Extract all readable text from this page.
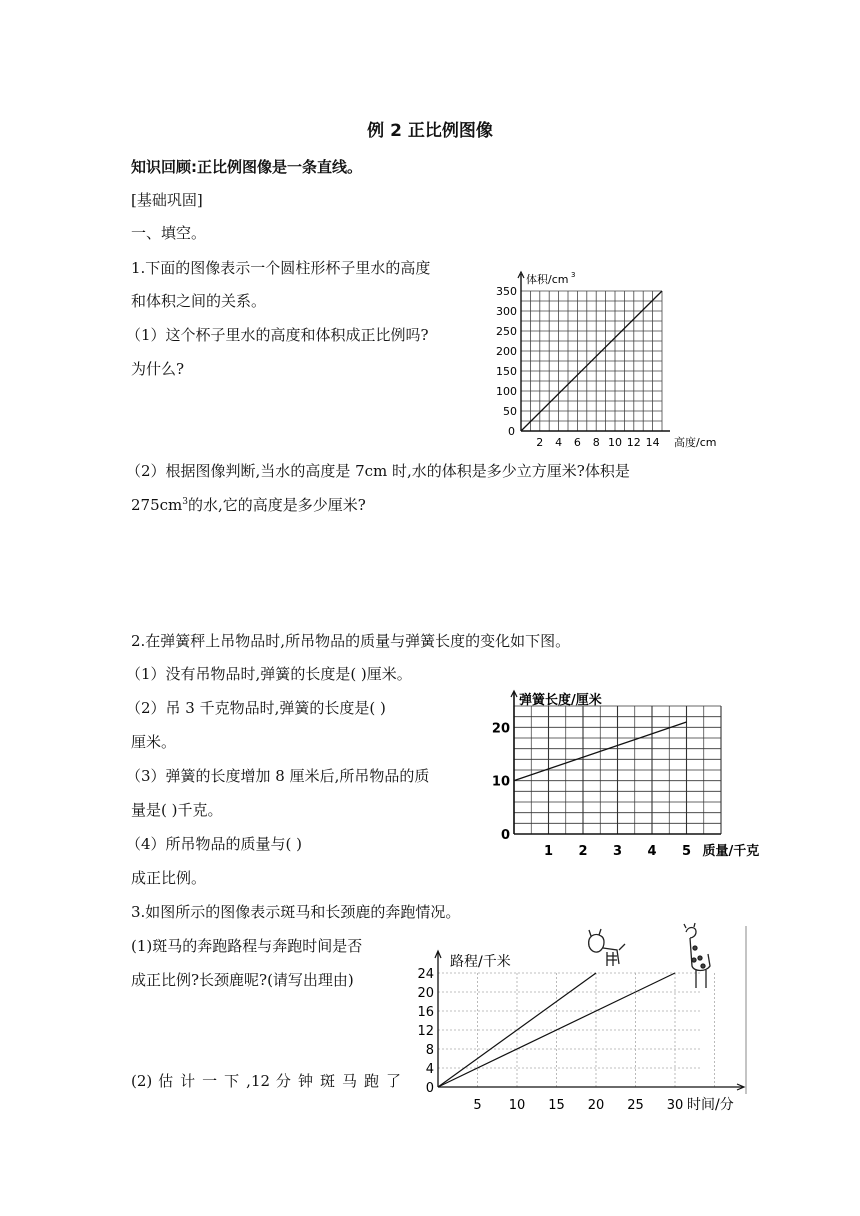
例 2 正比例图像
知识回顾:正比例图像是一条直线。
[基础巩固]
一、填空。
1.下面的图像表示一个圆柱形杯子里水的高度
和体积之间的关系。
（1）这个杯子里水的高度和体积成正比例吗?
为什么?
50
100
150
200
250
300
350
2 4 6 8 10 12 14
0
体积/cm 3
高度/cm
（2）根据图像判断,当水的高度是 7cm 时,水的体积是多少立方厘米?体积是
$275cm^3$的水,它的高度是多少厘米?
2.在弹簧秤上吊物品时,所吊物品的质量与弹簧长度的变化如下图。
（1）没有吊物品时,弹簧的长度是( )厘米。
（2）吊 3 千克物品时,弹簧的长度是( )
厘米。
（3）弹簧的长度增加 8 厘米后,所吊物品的质
量是( )千克。
（4）所吊物品的质量与( )
成正比例。
10
20
0
1 2 3 4 5
弹簧长度/厘米
质量/千克
3.如图所示的图像表示斑马和长颈鹿的奔跑情况。
(1)斑马的奔跑路程与奔跑时间是否
成正比例?长颈鹿呢?(请写出理由)
(2) 估 计 一 下 ,12 分 钟 斑 马 跑 了
4
8
12
16
20
24
0
5 10 15 20 25 30
路程/千米
时间/分
